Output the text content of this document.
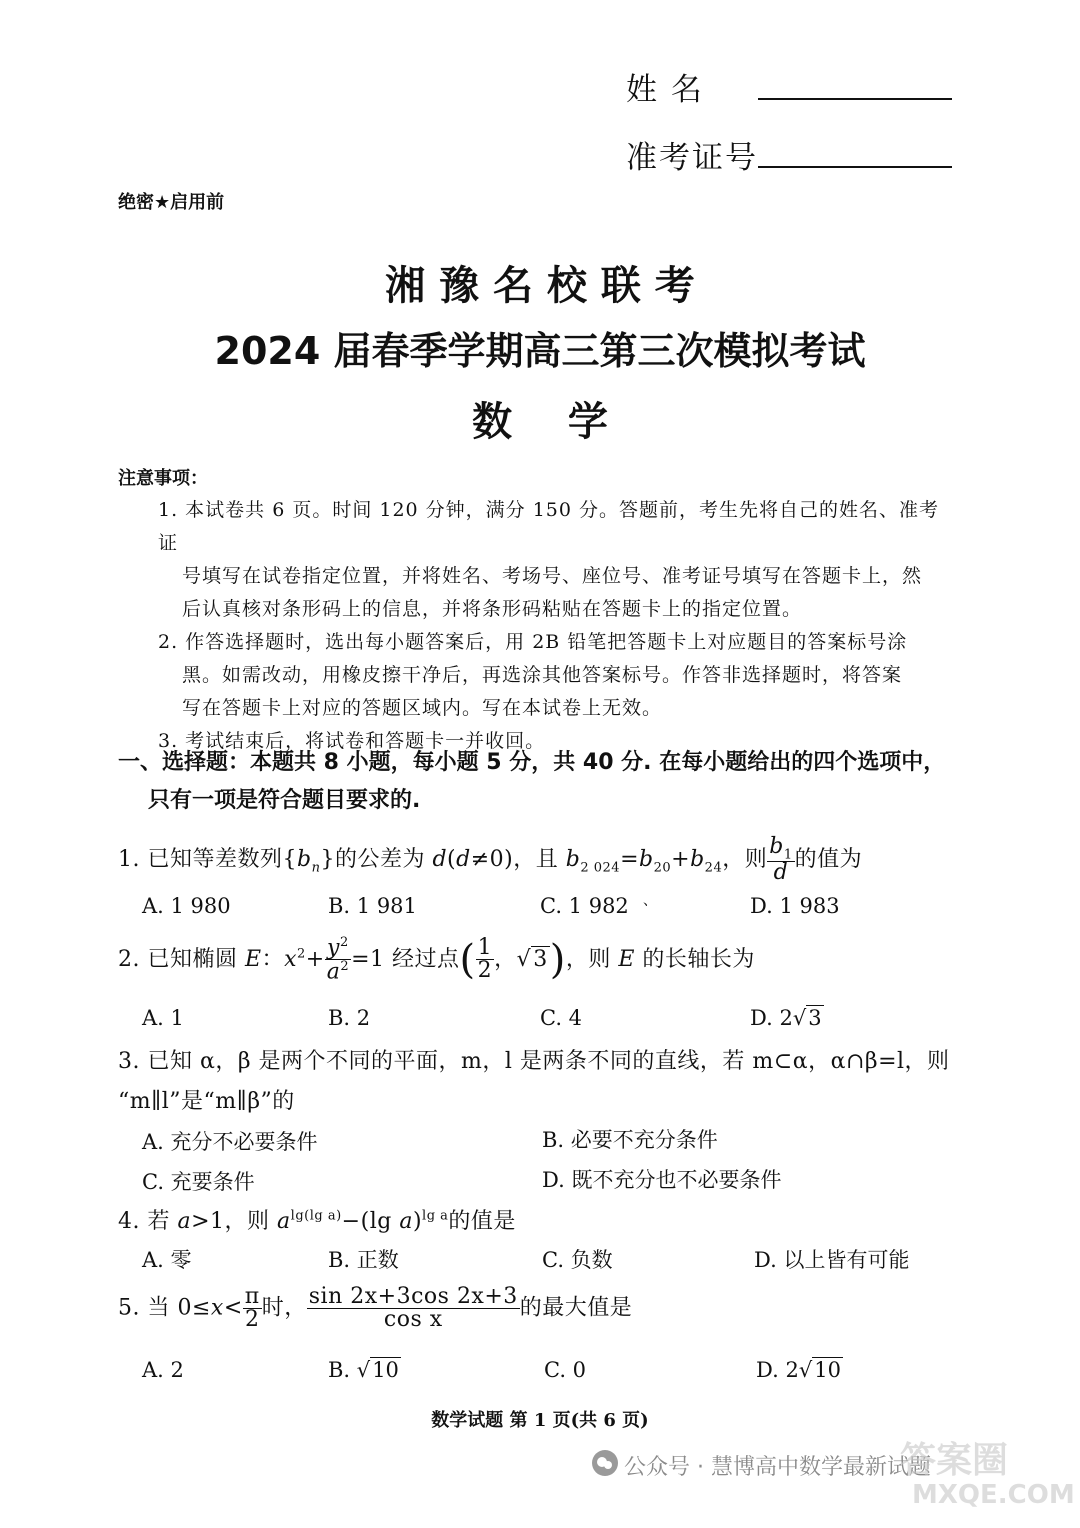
姓 名
准考证号
绝密★启用前
湘 豫 名 校 联 考
2024 届春季学期高三第三次模拟考试
数    学
注意事项：
1. 本试卷共 6 页。时间 120 分钟，满分 150 分。答题前，考生先将自己的姓名、准考证
号填写在试卷指定位置，并将姓名、考场号、座位号、准考证号填写在答题卡上，然
后认真核对条形码上的信息，并将条形码粘贴在答题卡上的指定位置。
2. 作答选择题时，选出每小题答案后，用 2B 铅笔把答题卡上对应题目的答案标号涂
黑。如需改动，用橡皮擦干净后，再选涂其他答案标号。作答非选择题时，将答案
写在答题卡上对应的答题区域内。写在本试卷上无效。
3. 考试结束后，将试卷和答题卡一并收回。
一、选择题：本题共 8 小题，每小题 5 分，共 40 分. 在每小题给出的四个选项中，
只有一项是符合题目要求的.
1. 已知等差数列$\{b_n\}$的公差为 d(d≠0)，且 $b_{2 024}=b_{20}+b_{24}$，则 $\frac{b_1}{d}$ 的值为
A. 1 980	B. 1 981	C. 1 982 、	D. 1 983
2. 已知椭圆 E：$x^2+ \frac{y^2}{a^2} =1$ 经过点( $\frac{1}{2}$ ，√3)，则 E 的长轴长为
A. 1	B. 2	C. 4	D. 2√3
3. 已知 α，β 是两个不同的平面，m，l 是两条不同的直线，若 m⊂α，α∩β=l，则
“m∥l”是“m∥β”的
A. 充分不必要条件	B. 必要不充分条件
C. 充要条件	D. 既不充分也不必要条件
4. 若 a>1，则 $a^{lg(lg a)}-(\lg$ a)$^{lg a}$的值是
A. 零	B. 正数	C. 负数	D. 以上皆有可能
5. 当 $0\le x< \frac{\pi}{2}$ 时， $\frac{\sin 2x+3\cos 2x+3}{\text{cos x}}$ 的最大值是
A. 2	B. √10	C. 0	D. 2√10
数学试题 第 1 页(共 6 页)
公众号 · 慧博高中数学最新试题
答案圈
MXQE.COM
